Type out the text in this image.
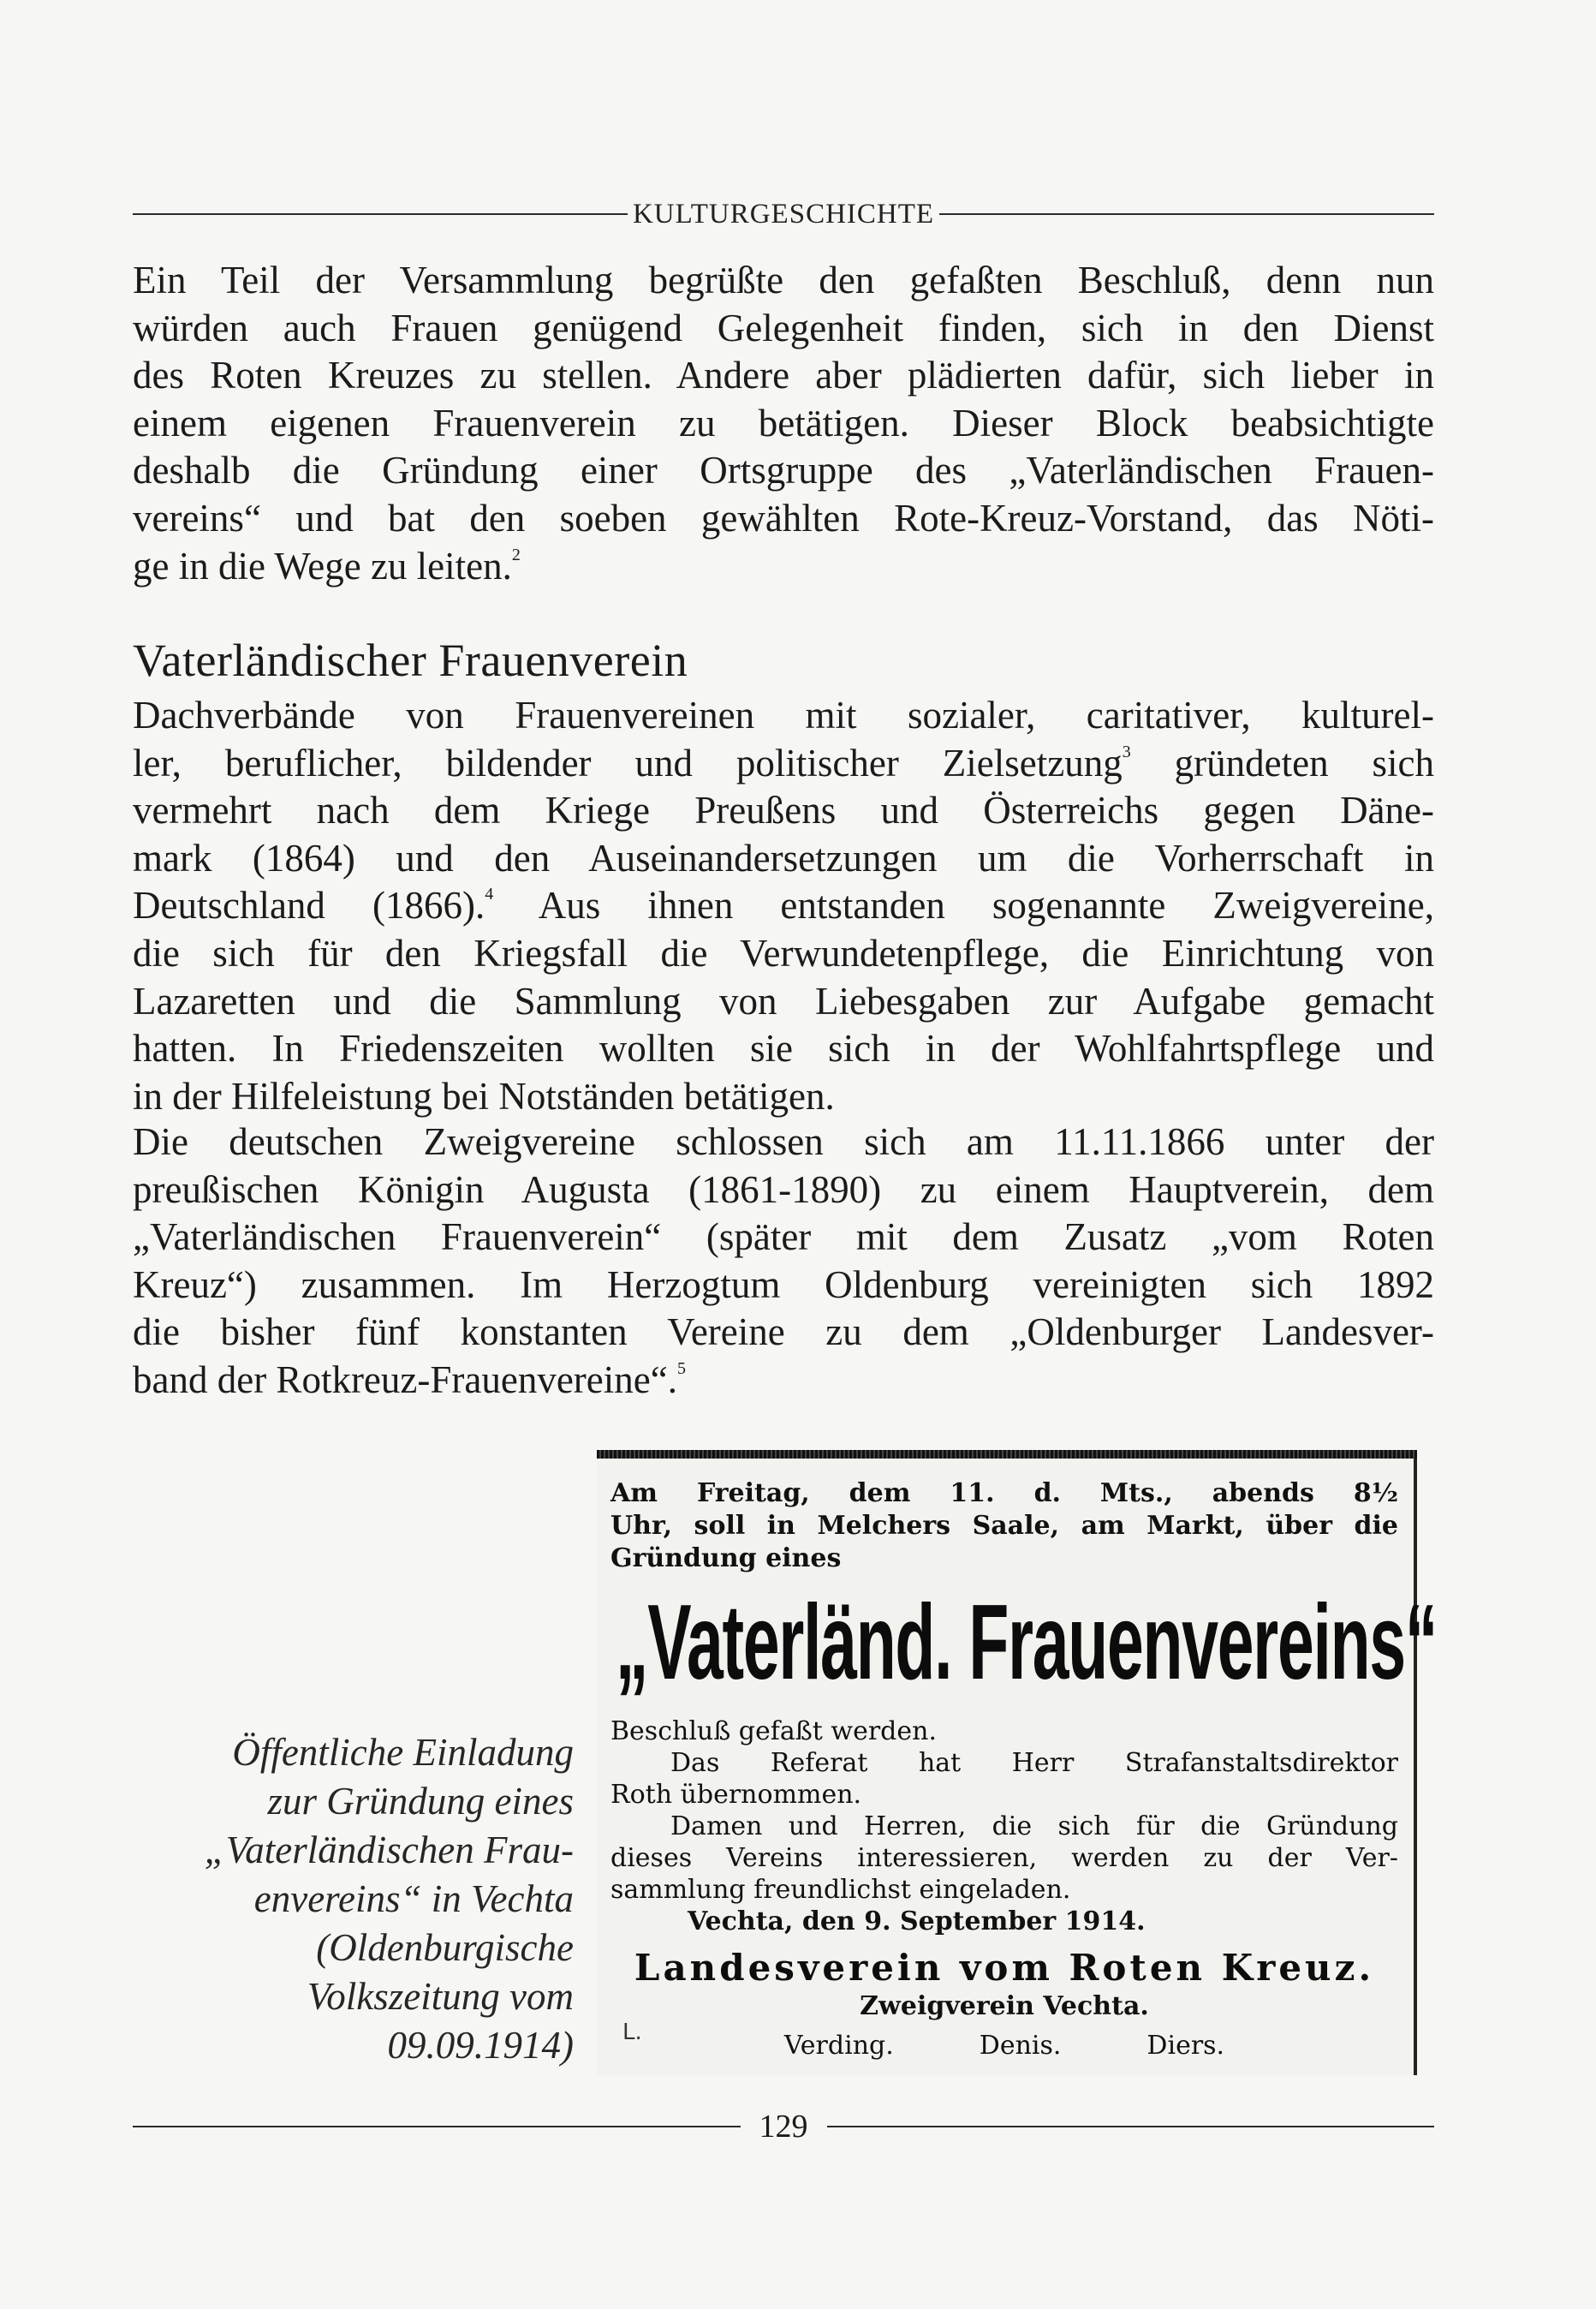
KULTURGESCHICHTE
Ein Teil der Versammlung begrüßte den gefaßten Beschluß, denn nun
würden auch Frauen genügend Gelegenheit finden, sich in den Dienst
des Roten Kreuzes zu stellen. Andere aber plädierten dafür, sich lieber in
einem eigenen Frauenverein zu betätigen. Dieser Block beabsichtigte
deshalb die Gründung einer Ortsgruppe des „Vaterländischen Frauen-
vereins“ und bat den soeben gewählten Rote-Kreuz-Vorstand, das Nöti-
ge in die Wege zu leiten.$^2$
Vaterländischer Frauenverein
Dachverbände von Frauenvereinen mit sozialer, caritativer, kulturel-
ler, beruflicher, bildender und politischer Zielsetzung$^3$ gründeten sich
vermehrt nach dem Kriege Preußens und Österreichs gegen Däne-
mark (1864) und den Auseinandersetzungen um die Vorherrschaft in
Deutschland (1866).$^4$ Aus ihnen entstanden sogenannte Zweigvereine,
die sich für den Kriegsfall die Verwundetenpflege, die Einrichtung von
Lazaretten und die Sammlung von Liebesgaben zur Aufgabe gemacht
hatten. In Friedenszeiten wollten sie sich in der Wohlfahrtspflege und
in der Hilfeleistung bei Notständen betätigen.
Die deutschen Zweigvereine schlossen sich am 11.11.1866 unter der
preußischen Königin Augusta (1861-1890) zu einem Hauptverein, dem
„Vaterländischen Frauenverein“ (später mit dem Zusatz „vom Roten
Kreuz“) zusammen. Im Herzogtum Oldenburg vereinigten sich 1892
die bisher fünf konstanten Vereine zu dem „Oldenburger Landesver-
band der Rotkreuz-Frauenvereine“.$^5$
Öffentliche Einladung
zur Gründung eines
„Vaterländischen Frau-
envereins“ in Vechta
(Oldenburgische
Volkszeitung vom
09.09.1914)
Am Freitag, dem 11. d. Mts., abends 8½
Uhr, soll in Melchers Saale, am Markt, über die
Gründung eines
„Vaterländ. Frauenvereins“
Beschluß gefaßt werden.
Das Referat hat Herr Strafanstaltsdirektor
Roth übernommen.
Damen und Herren, die sich für die Gründung
dieses Vereins interessieren, werden zu der Ver-
sammlung freundlichst eingeladen.
Vechta, den 9. September 1914.
Landesverein vom Roten Kreuz.
Zweigverein Vechta.
Verding.	Denis.	Diers.
L.
129
